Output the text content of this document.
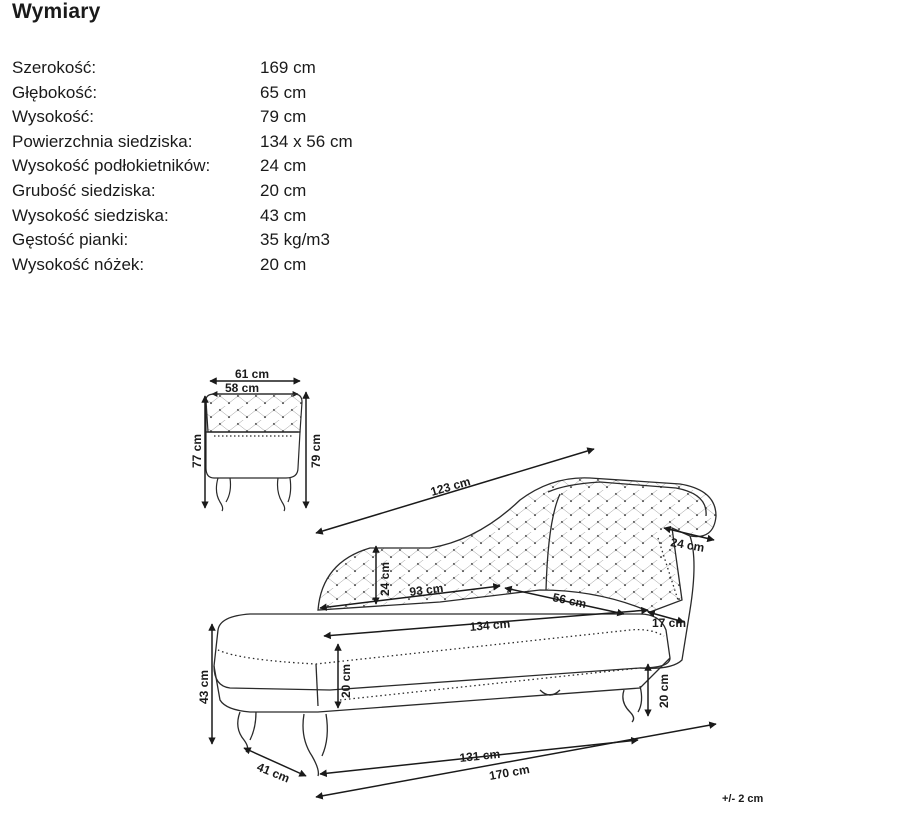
Wymiary
Szerokość:	169 cm
Głębokość:	65 cm
Wysokość:	79 cm
Powierzchnia siedziska:	134 x 56 cm
Wysokość podłokietników:	24 cm
Grubość siedziska:	20 cm
Wysokość siedziska:	43 cm
Gęstość pianki:	35 kg/m3
Wysokość nóżek:	20 cm
61 cm
58 cm
77 cm	79 cm
123 cm
24 cm
24 cm 93 cm
56 cm
134 cm	17 cm
43 cm	20 cm	20 cm
41 cm
131 cm
170 cm
+/- 2 cm
